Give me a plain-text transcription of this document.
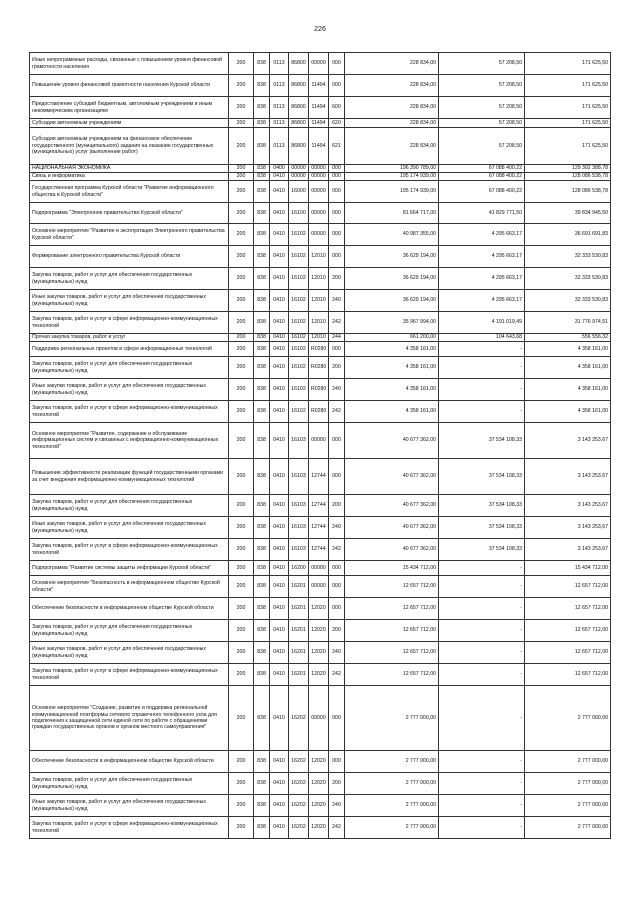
226
Иные непрограммные расходы, связанные с повышением уровня финансовой грамотности населения	200	838	0113	86800	00000	000	228 834,00	57 208,50	171 625,50
Повышение уровня финансовой грамотности населения Курской области	200	838	0113	86800	11494	000	228 834,00	57 208,50	171 625,50
Предоставление субсидий бюджетным, автономным учреждениям и иным некоммерческим организациям	200	838	0113	86800	11494	600	228 834,00	57 208,50	171 625,50
Субсидии автономным учреждениям	200	838	0113	86800	11494	620	228 834,00	57 208,50	171 625,50
Субсидии автономным учреждениям на финансовое обеспечение государственного (муниципального) задания на оказание государственных (муниципальных) услуг (выполнение работ)	200	838	0113	86800	11494	621	228 834,00	57 208,50	171 625,50
НАЦИОНАЛЬНАЯ ЭКОНОМИКА	200	838	0400	00000	00000	000	196 390 789,00	67 088 400,22	129 302 388,78
Связь и информатика	200	838	0410	00000	00000	000	195 174 939,00	67 088 400,22	128 086 538,78
Государственная программа Курской области "Развитие информационного общества в Курской области"	200	838	0410	16000	00000	000	195 174 939,00	67 088 400,22	128 086 538,78
Подпрограмма "Электронное правительство Курской области"	200	838	0410	16100	00000	000	81 664 717,00	41 829 771,50	39 834 945,50
Основное мероприятие "Развитие и эксплуатация Электронного правительства Курской области"	200	838	0410	16102	00000	000	40 987 355,00	4 295 663,17	36 691 691,83
Формирование электронного правительства Курской области	200	838	0410	16102	12010	000	36 629 194,00	4 295 663,17	32 333 530,83
Закупка товаров, работ и услуг для обеспечения государственных (муниципальных) нужд	200	838	0410	16102	12010	200	36 629 194,00	4 295 663,17	32 333 530,83
Иные закупки товаров, работ и услуг для обеспечения государственных (муниципальных) нужд	200	838	0410	16102	12010	240	36 629 194,00	4 295 663,17	32 333 530,83
Закупка товаров, работ и услуг в сфере информационно-коммуникационных технологий	200	838	0410	16102	12010	242	35 967 994,00	4 191 019,49	31 776 974,51
Прочая закупка товаров, работ и услуг	200	838	0410	16102	12010	244	661 200,00	104 643,68	556 556,32
Поддержка региональных проектов в сфере информационных технологий	200	838	0410	16102	R0280	000	4 358 161,00	-	4 358 161,00
Закупка товаров, работ и услуг для обеспечения государственных (муниципальных) нужд	200	838	0410	16102	R0280	200	4 358 161,00	-	4 358 161,00
Иные закупки товаров, работ и услуг для обеспечения государственных (муниципальных) нужд	200	838	0410	16102	R0280	240	4 358 161,00	-	4 358 161,00
Закупка товаров, работ и услуг в сфере информационно-коммуникационных технологий	200	838	0410	16102	R0280	242	4 358 161,00	-	4 358 161,00
Основное мероприятие "Развитие, содержание и обслуживание информационных систем и связанных с информационно-коммуникационных технологий"	200	838	0410	16103	00000	000	40 677 362,00	37 534 108,33	3 143 253,67
Повышение эффективности реализации функций государственными органами за счет внедрения информационно-коммуникационных технологий	200	838	0410	16103	12744	000	40 677 362,00	37 534 108,33	3 143 253,67
Закупка товаров, работ и услуг для обеспечения государственных (муниципальных) нужд	200	838	0410	16103	12744	200	40 677 362,00	37 534 108,33	3 143 253,67
Иные закупки товаров, работ и услуг для обеспечения государственных (муниципальных) нужд	200	838	0410	16103	12744	240	40 677 362,00	37 534 108,33	3 143 253,67
Закупка товаров, работ и услуг в сфере информационно-коммуникационных технологий	200	838	0410	16103	12744	242	40 677 362,00	37 534 108,33	3 143 253,67
Подпрограмма "Развитие системы защиты информации Курской области"	200	838	0410	16200	00000	000	15 434 712,00	-	15 434 712,00
Основное мероприятие "Безопасность в информационном обществе Курской области"	200	838	0410	16201	00000	000	12 657 712,00	-	12 657 712,00
Обеспечение безопасности в информационном обществе Курской области	200	838	0410	16201	12020	000	12 657 712,00	-	12 657 712,00
Закупка товаров, работ и услуг для обеспечения государственных (муниципальных) нужд	200	838	0410	16201	12020	200	12 657 712,00	-	12 657 712,00
Иные закупки товаров, работ и услуг для обеспечения государственных (муниципальных) нужд	200	838	0410	16201	12020	240	12 657 712,00	-	12 657 712,00
Закупка товаров, работ и услуг в сфере информационно-коммуникационных технологий	200	838	0410	16201	12020	242	12 657 712,00	-	12 657 712,00
Основное мероприятие "Создание, развитие и поддержка региональной коммуникационной платформы сетевого справочного телефонного узла для подключения к защищенной сети единой сети по работе с обращениями граждан государственных органов и органов местного самоуправления"	200	838	0410	16202	00000	000	2 777 000,00	-	2 777 000,00
Обеспечение безопасности в информационном обществе Курской области	200	838	0410	16202	12020	000	2 777 000,00	-	2 777 000,00
Закупка товаров, работ и услуг для обеспечения государственных (муниципальных) нужд	200	838	0410	16202	12020	200	2 777 000,00	-	2 777 000,00
Иные закупки товаров, работ и услуг для обеспечения государственных (муниципальных) нужд	200	838	0410	16202	12020	240	2 777 000,00	-	2 777 000,00
Закупка товаров, работ и услуг в сфере информационно-коммуникационных технологий	200	838	0410	16202	12020	242	2 777 000,00	-	2 777 000,00
